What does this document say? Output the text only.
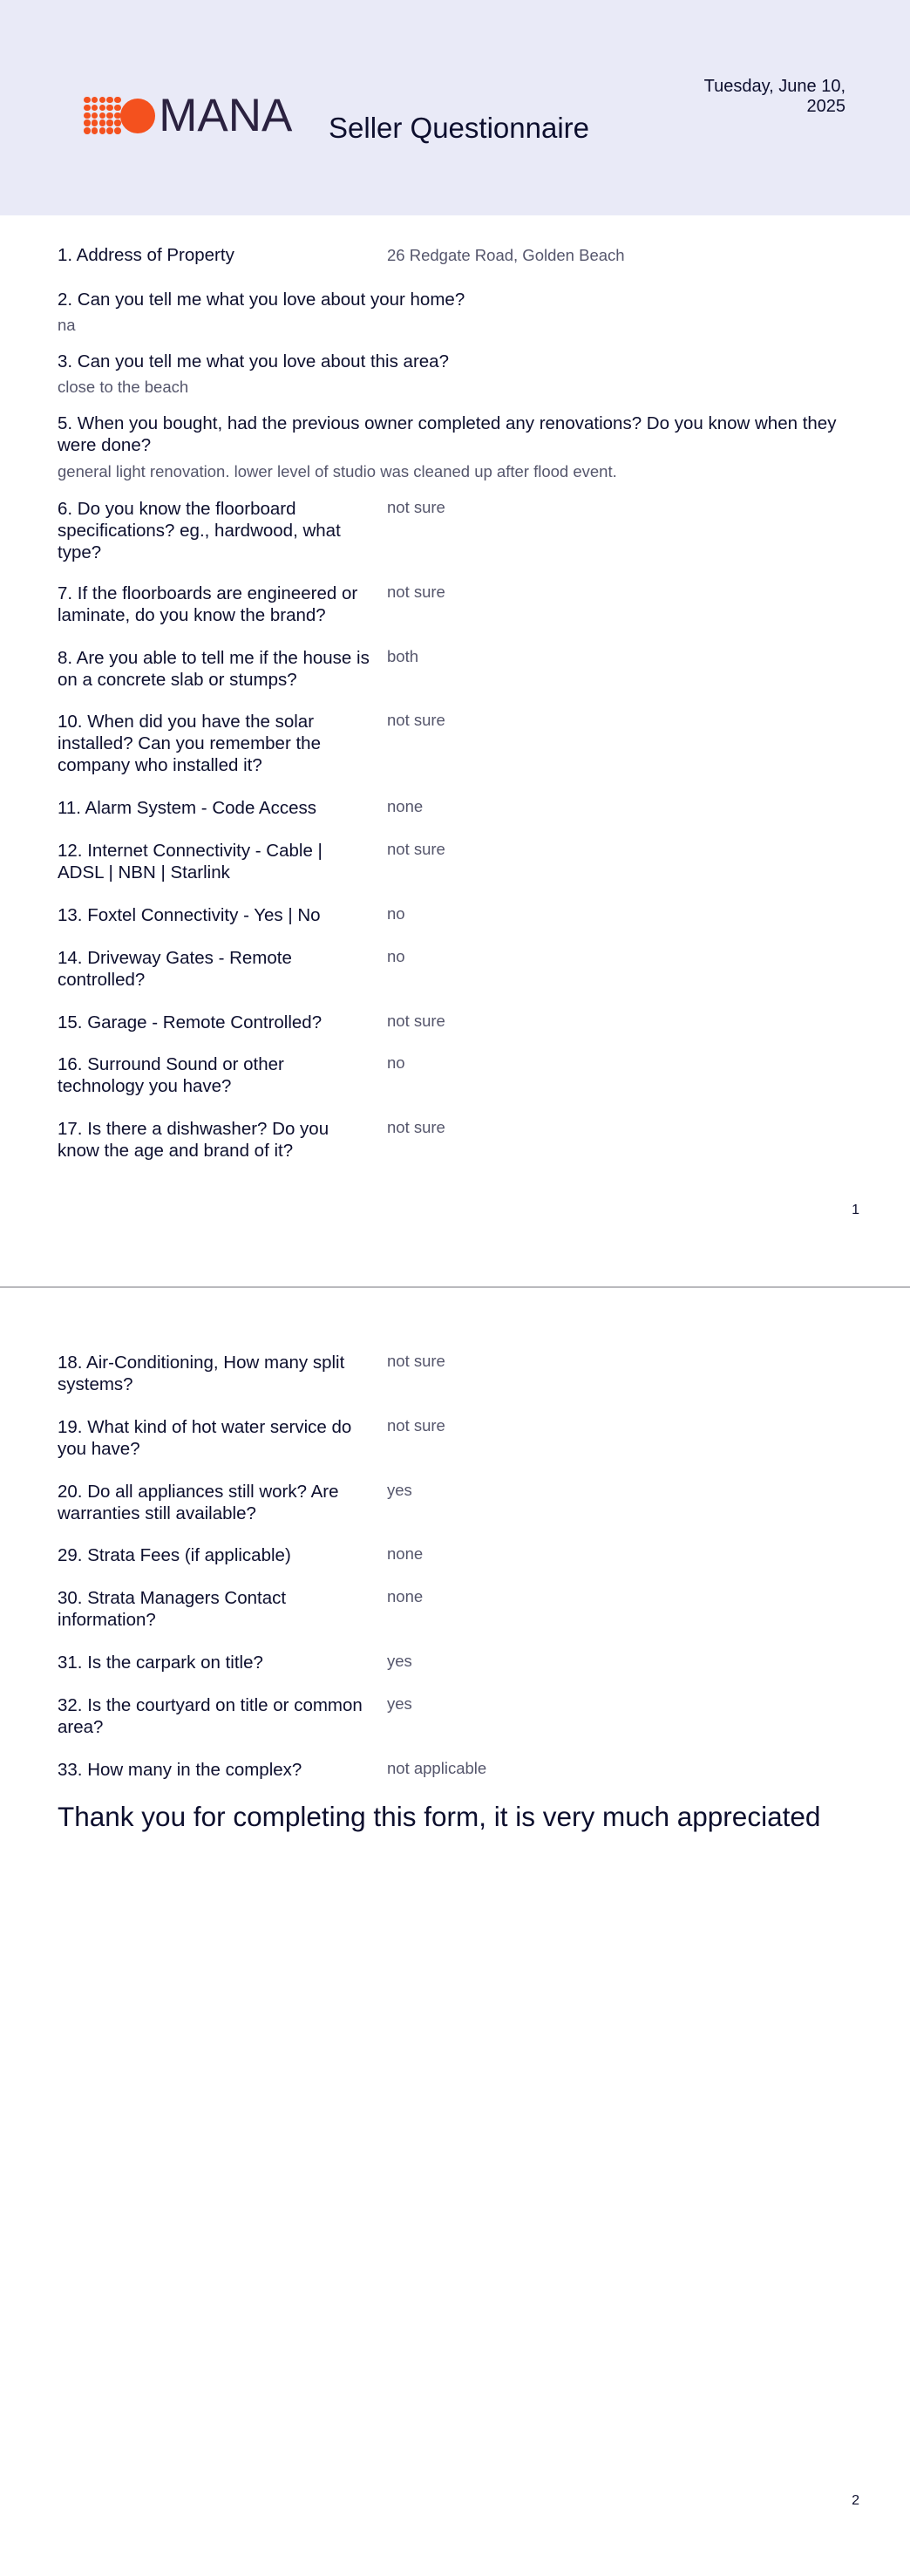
MANA Seller Questionnaire
Tuesday, June 10, 2025
1. Address of Property	26 Redgate Road, Golden Beach
2. Can you tell me what you love about your home?
na
3. Can you tell me what you love about this area?
close to the beach
5. When you bought, had the previous owner completed any renovations? Do you know when they were done?
general light renovation. lower level of studio was cleaned up after flood event.
6. Do you know the floorboard specifications? eg., hardwood, what type?
not sure
7. If the floorboards are engineered or laminate, do you know the brand?
not sure
8. Are you able to tell me if the house is on a concrete slab or stumps?
both
10. When did you have the solar installed? Can you remember the company who installed it?
not sure
11. Alarm System - Code Access	none
12. Internet Connectivity - Cable | ADSL | NBN | Starlink
not sure
13. Foxtel Connectivity - Yes | No	no
14. Driveway Gates - Remote controlled?
no
15. Garage - Remote Controlled?	not sure
16. Surround Sound or other technology you have?
no
17. Is there a dishwasher? Do you know the age and brand of it?
not sure
1
18. Air-Conditioning, How many split systems?
not sure
19. What kind of hot water service do you have?
not sure
20. Do all appliances still work? Are warranties still available?
yes
29. Strata Fees (if applicable)	none
30. Strata Managers Contact information?
none
31. Is the carpark on title?	yes
32. Is the courtyard on title or common area?
yes
33. How many in the complex?	not applicable
Thank you for completing this form, it is very much appreciated
2
